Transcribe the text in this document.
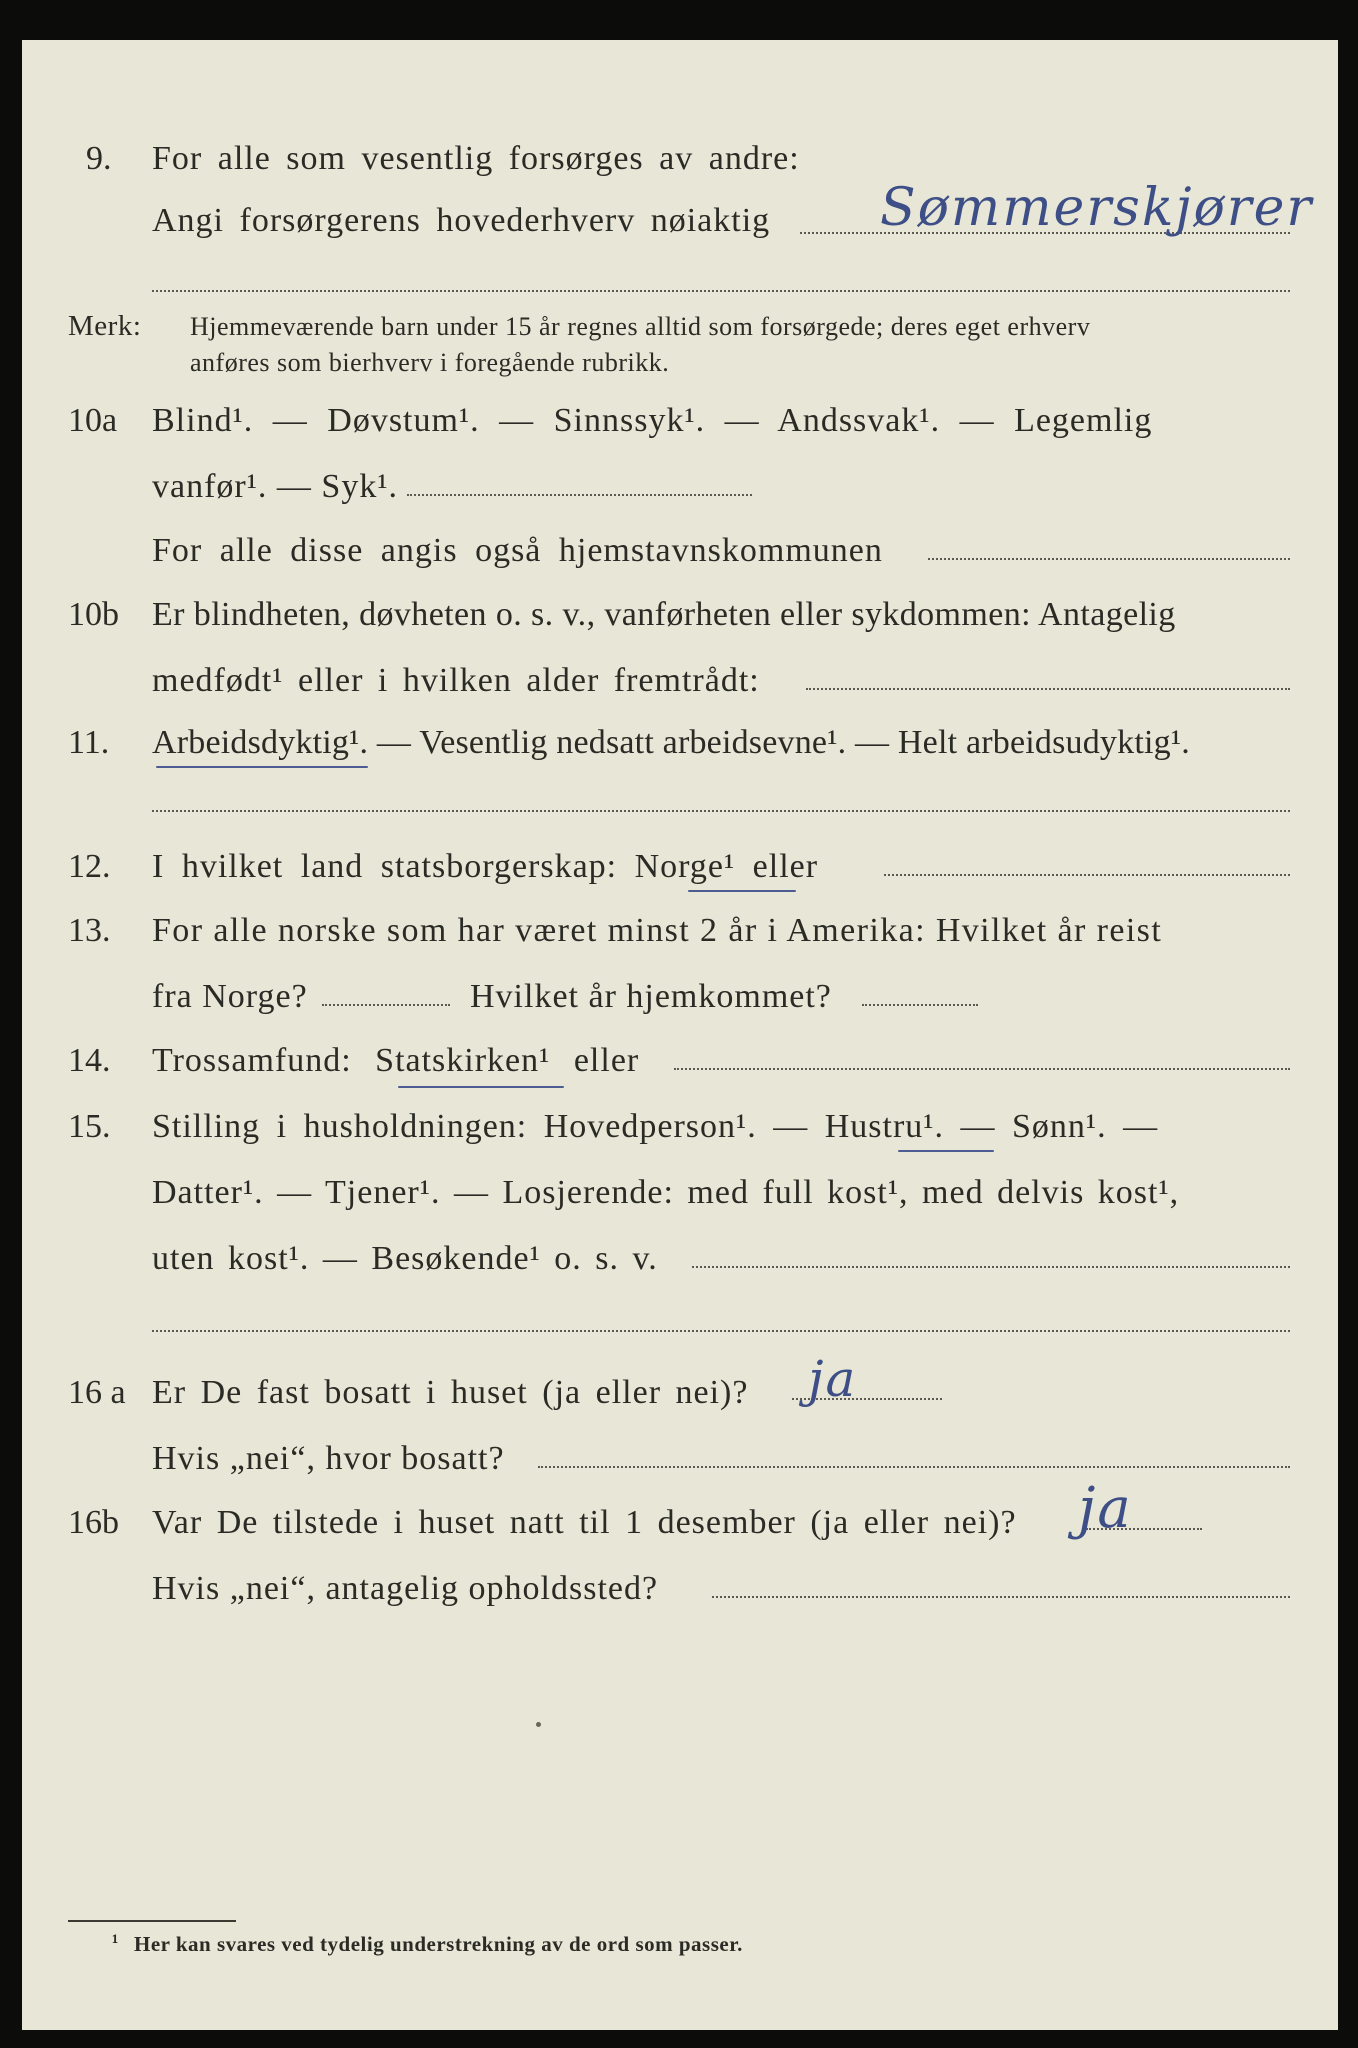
9. For alle som vesentlig forsørges av andre:
Angi forsørgerens hovederhverv nøiaktig Sømmerskjører
Merk: Hjemmeværende barn under 15 år regnes alltid som forsørgede; deres eget erhverv
anføres som bierhverv i foregående rubrikk.
10a Blind¹. — Døvstum¹. — Sinnssyk¹. — Andssvak¹. — Legemlig
vanfør¹. — Syk¹.
For alle disse angis også hjemstavnskommunen
10b Er blindheten, døvheten o. s. v., vanførheten eller sykdommen: Antagelig
medfødt¹ eller i hvilken alder fremtrådt:
11. Arbeidsdyktig¹. — Vesentlig nedsatt arbeidsevne¹. — Helt arbeidsudyktig¹.
12. I hvilket land statsborgerskap: Norge¹ eller
13. For alle norske som har været minst 2 år i Amerika: Hvilket år reist
fra Norge?	Hvilket år hjemkommet?
14. Trossamfund: Statskirken¹ eller
15. Stilling i husholdningen: Hovedperson¹. — Hustru¹. — Sønn¹. —
Datter¹. — Tjener¹. — Losjerende: med full kost¹, med delvis kost¹,
uten kost¹. — Besøkende¹ o. s. v.
16 a Er De fast bosatt i huset (ja eller nei)? ja
Hvis „nei“, hvor bosatt?
16b Var De tilstede i huset natt til 1 desember (ja eller nei)? ja
Hvis „nei“, antagelig opholdssted?
¹ Her kan svares ved tydelig understrekning av de ord som passer.
